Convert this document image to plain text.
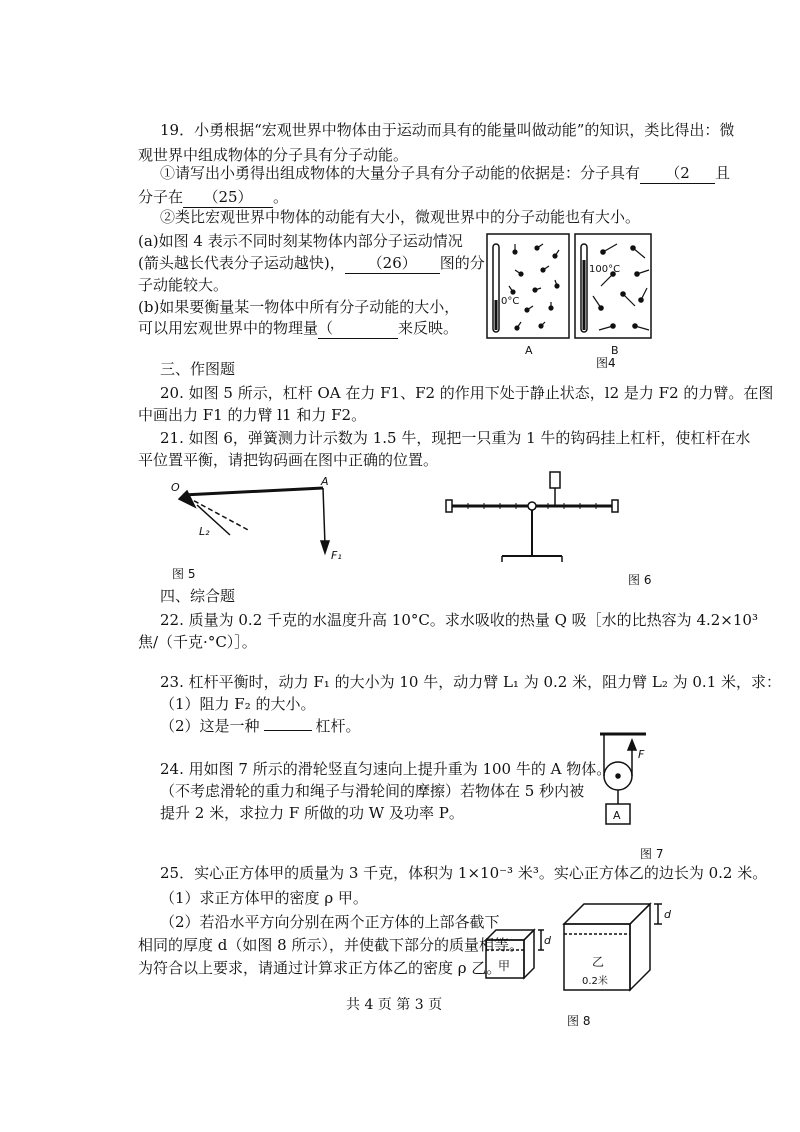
19．小勇根据“宏观世界中物体由于运动而具有的能量叫做动能”的知识，类比得出：微
观世界中组成物体的分子具有分子动能。
①请写出小勇得出组成物体的大量分子具有分子动能的依据是：分子具有 （2 且
分子在 （25） 。
②类比宏观世界中物体的动能有大小，微观世界中的分子动能也有大小。
(a)如图 4 表示不同时刻某物体内部分子运动情况
(箭头越长代表分子运动越快)， （26） 图的分
子动能较大。
(b)如果要衡量某一物体中所有分子动能的大小，
可以用宏观世界中的物理量（	来反映。
0°C
100°C
A	B
图4
三、作图题
20. 如图 5 所示，杠杆 OA 在力 F1、F2 的作用下处于静止状态，l2 是力 F2 的力臂。在图
中画出力 F1 的力臂 l1 和力 F2。
21. 如图 6，弹簧测力计示数为 1.5 牛，现把一只重为 1 牛的钩码挂上杠杆，使杠杆在水
平位置平衡，请把钩码画在图中正确的位置。
O	A
L₂
F₁
图 5	图 6
四、综合题
22. 质量为 0.2 千克的水温度升高 10°C。求水吸收的热量 Q 吸［水的比热容为 4.2×10³
焦/（千克·°C）］。
23. 杠杆平衡时，动力 F₁ 的大小为 10 牛，动力臂 L₁ 为 0.2 米，阻力臂 L₂ 为 0.1 米，求：
（1）阻力 F₂ 的大小。
（2）这是一种	杠杆。
24. 用如图 7 所示的滑轮竖直匀速向上提升重为 100 牛的 A 物体。
（不考虑滑轮的重力和绳子与滑轮间的摩擦）若物体在 5 秒内被
提升 2 米，求拉力 F 所做的功 W 及功率 P。
F
A
图 7
25．实心正方体甲的质量为 3 千克，体积为 1×10⁻³ 米³。实心正方体乙的边长为 0.2 米。
（1）求正方体甲的密度 ρ 甲。
（2）若沿水平方向分别在两个正方体的上部各截下
相同的厚度 d（如图 8 所示），并使截下部分的质量相等。
为符合以上要求，请通过计算求正方体乙的密度 ρ 乙。
甲	乙
d
d
0.2米
图 8
共 4 页 第 3 页
